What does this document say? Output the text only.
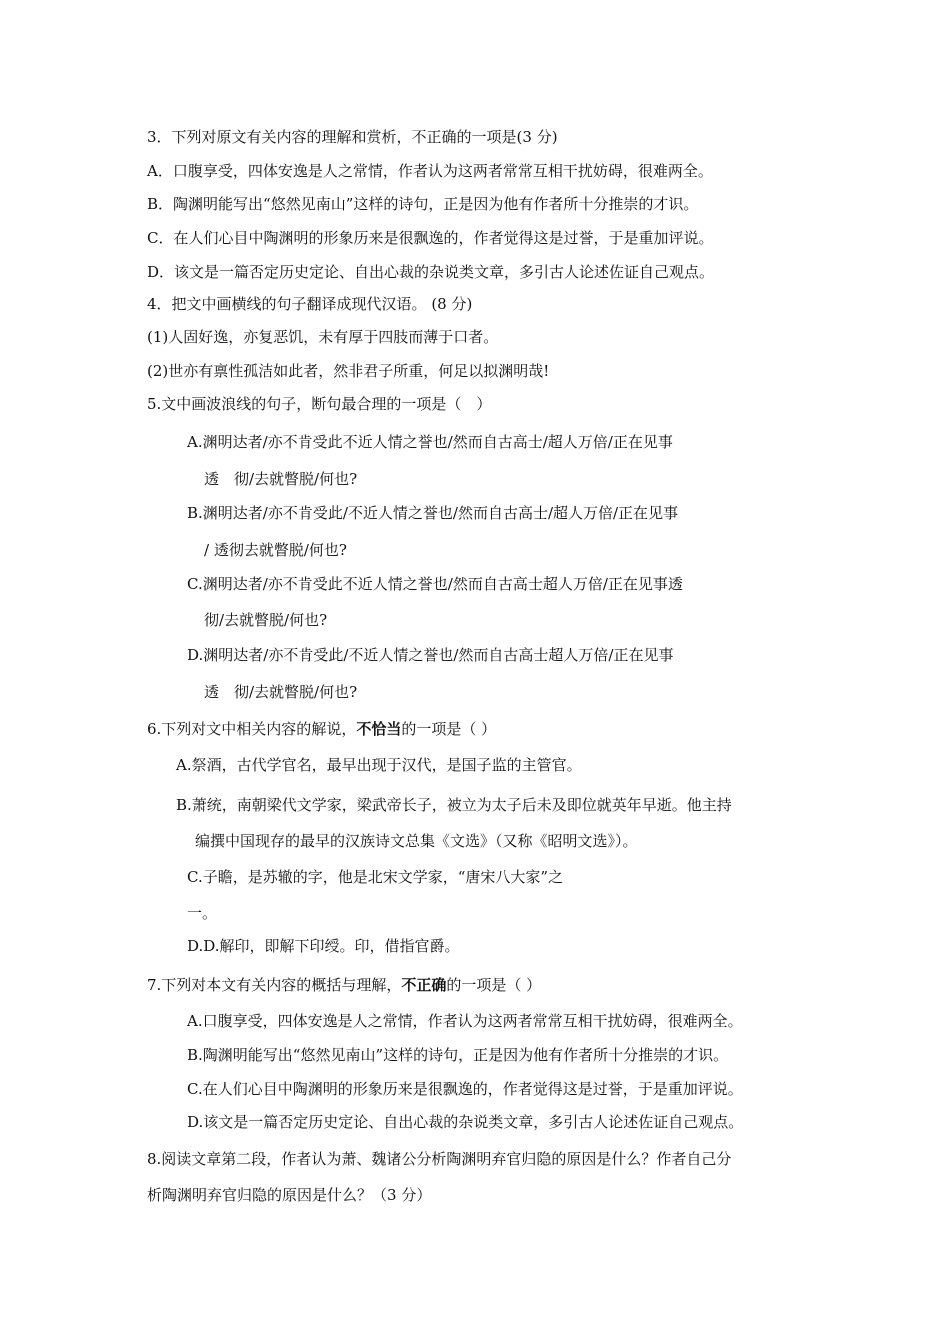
3．下列对原文有关内容的理解和赏析，不正确的一项是(3 分)
A．口腹享受，四体安逸是人之常情，作者认为这两者常常互相干扰妨碍，很难两全。
B．陶渊明能写出“悠然见南山”这样的诗句，正是因为他有作者所十分推崇的才识。
C．在人们心目中陶渊明的形象历来是很飘逸的，作者觉得这是过誉，于是重加评说。
D．该文是一篇否定历史定论、自出心裁的杂说类文章，多引古人论述佐证自己观点。
4．把文中画横线的句子翻译成现代汉语。 (8 分)
(1)人固好逸，亦复恶饥，未有厚于四肢而薄于口者。
(2)世亦有禀性孤洁如此者，然非君子所重，何足以拟渊明哉!
5.文中画波浪线的句子，断句最合理的一项是（　）
A.渊明达者/亦不肯受此不近人情之誉也/然而自古高士/超人万倍/正在见事
透　彻/去就瞥脱/何也?
B.渊明达者/亦不肯受此/不近人情之誉也/然而自古高士/超人万倍/正在见事
/ 透彻去就瞥脱/何也?
C.渊明达者/亦不肯受此不近人情之誉也/然而自古高士超人万倍/正在见事透
彻/去就瞥脱/何也?
D.渊明达者/亦不肯受此/不近人情之誉也/然而自古高士超人万倍/正在见事
透　彻/去就瞥脱/何也?
6.下列对文中相关内容的解说，不恰当的一项是（ ）
A.祭酒，古代学官名，最早出现于汉代，是国子监的主管官。
B.萧统，南朝梁代文学家，梁武帝长子，被立为太子后未及即位就英年早逝。他主持
编撰中国现存的最早的汉族诗文总集《文选》（又称《昭明文选》）。
C.子瞻，是苏辙的字，他是北宋文学家，“唐宋八大家”之
一。
D.D.解印，即解下印绶。印，借指官爵。
7.下列对本文有关内容的概括与理解，不正确的一项是（ ）
A.口腹享受，四体安逸是人之常情，作者认为这两者常常互相干扰妨碍，很难两全。
B.陶渊明能写出“悠然见南山”这样的诗句，正是因为他有作者所十分推崇的才识。
C.在人们心目中陶渊明的形象历来是很飘逸的，作者觉得这是过誉，于是重加评说。
D.该文是一篇否定历史定论、自出心裁的杂说类文章，多引古人论述佐证自己观点。
8.阅读文章第二段，作者认为萧、魏诸公分析陶渊明弃官归隐的原因是什么？作者自己分
析陶渊明弃官归隐的原因是什么？（3 分）
